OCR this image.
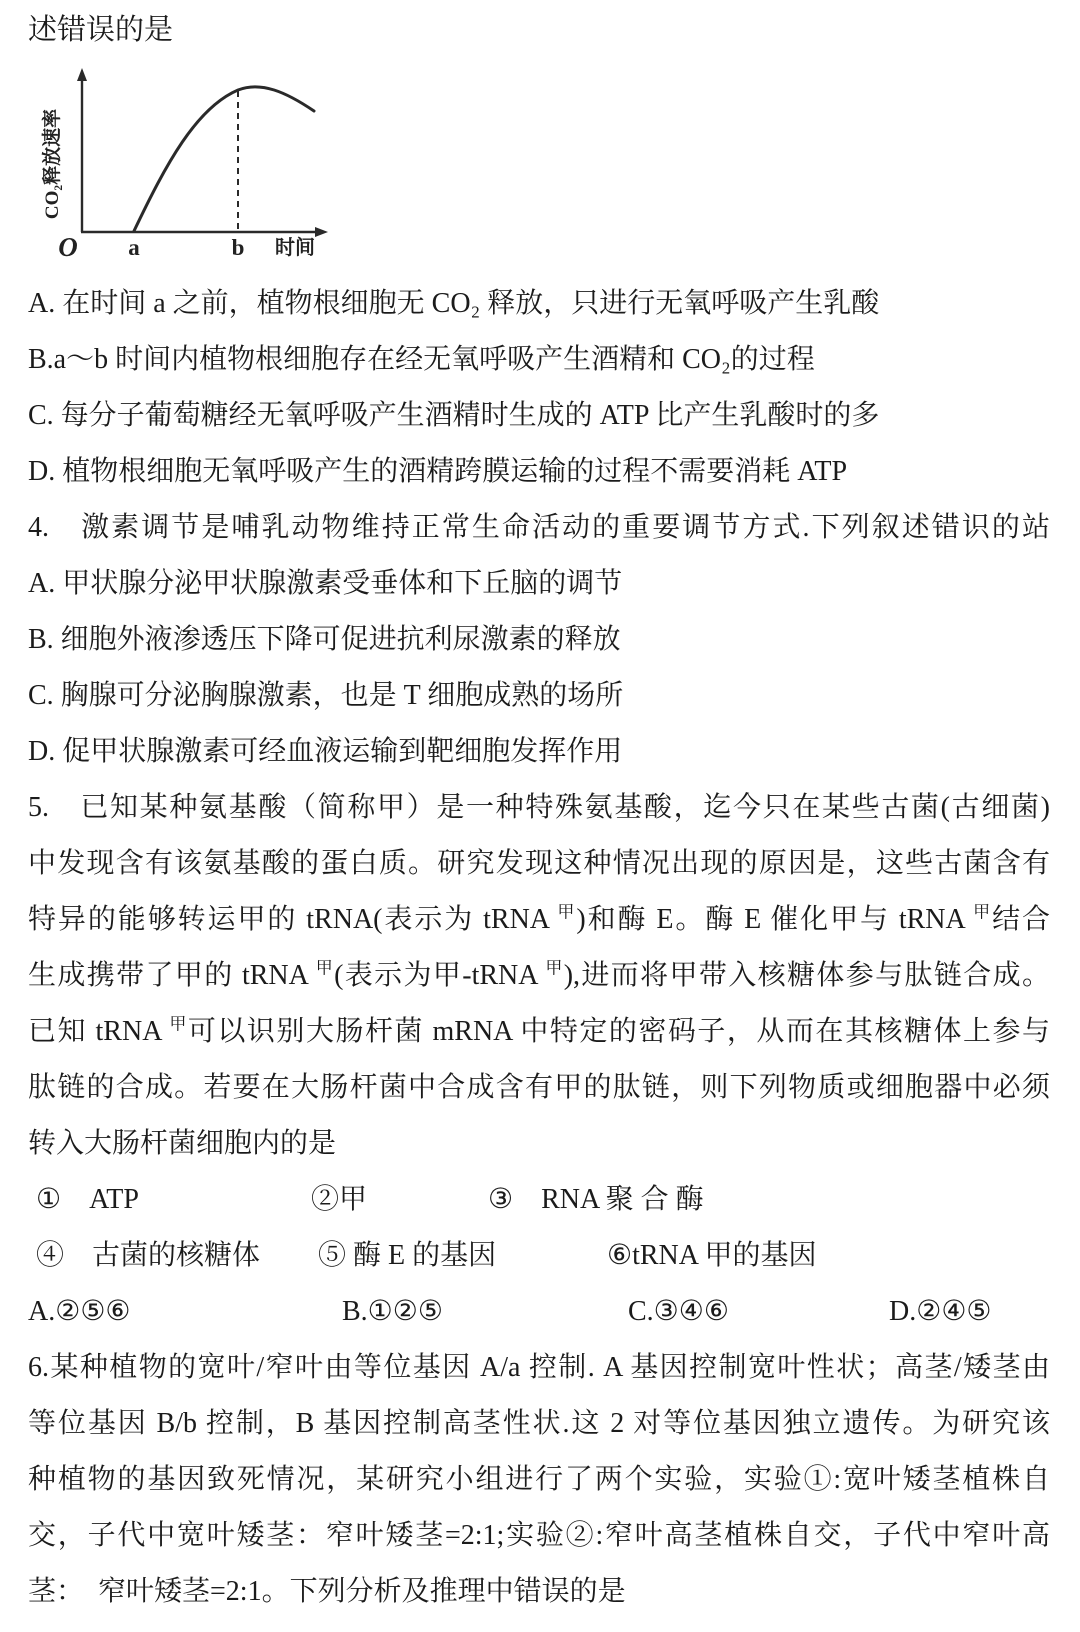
述错误的是
CO₂释放速率
O a	b 时间
A. 在时间 a 之前，植物根细胞无 CO₂ 释放，只进行无氧呼吸产生乳酸
B.a～b 时间内植物根细胞存在经无氧呼吸产生酒精和 CO₂的过程
C. 每分子葡萄糖经无氧呼吸产生酒精时生成的 ATP 比产生乳酸时的多
D. 植物根细胞无氧呼吸产生的酒精跨膜运输的过程不需要消耗 ATP
4.　激素调节是哺乳动物维持正常生命活动的重要调节方式.下列叙述错识的站
A. 甲状腺分泌甲状腺激素受垂体和下丘脑的调节
B. 细胞外液渗透压下降可促进抗利尿激素的释放
C. 胸腺可分泌胸腺激素，也是 T 细胞成熟的场所
D. 促甲状腺激素可经血液运输到靶细胞发挥作用
5.　已知某种氨基酸（简称甲）是一种特殊氨基酸，迄今只在某些古菌(古细菌)
中发现含有该氨基酸的蛋白质。研究发现这种情况出现的原因是，这些古菌含有
特异的能够转运甲的 tRNA(表示为 tRNA $^甲$)和酶 E。酶 E 催化甲与 tRNA $^甲$结合
生成携带了甲的 tRNA $^甲$(表示为甲-tRNA $^甲$),进而将甲带入核糖体参与肽链合成。
已知 tRNA $^甲$可以识别大肠杆菌 mRNA 中特定的密码子，从而在其核糖体上参与
肽链的合成。若要在大肠杆菌中合成含有甲的肽链，则下列物质或细胞器中必须
转入大肠杆菌细胞内的是
①　ATP	②甲	③　RNA 聚 合 酶
④　古菌的核糖体 ⑤ 酶 E 的基因	⑥tRNA 甲的基因
A.②⑤⑥	B.①②⑤	C.③④⑥	D.②④⑤
6.某种植物的宽叶/窄叶由等位基因 A/a 控制. A 基因控制宽叶性状；高茎/矮茎由
等位基因 B/b 控制，B 基因控制高茎性状.这 2 对等位基因独立遗传。为研究该
种植物的基因致死情况，某研究小组进行了两个实验，实验①:宽叶矮茎植株自
交，子代中宽叶矮茎：窄叶矮茎=2:1;实验②:窄叶高茎植株自交，子代中窄叶高
茎：　窄叶矮茎=2:1。下列分析及推理中错误的是
